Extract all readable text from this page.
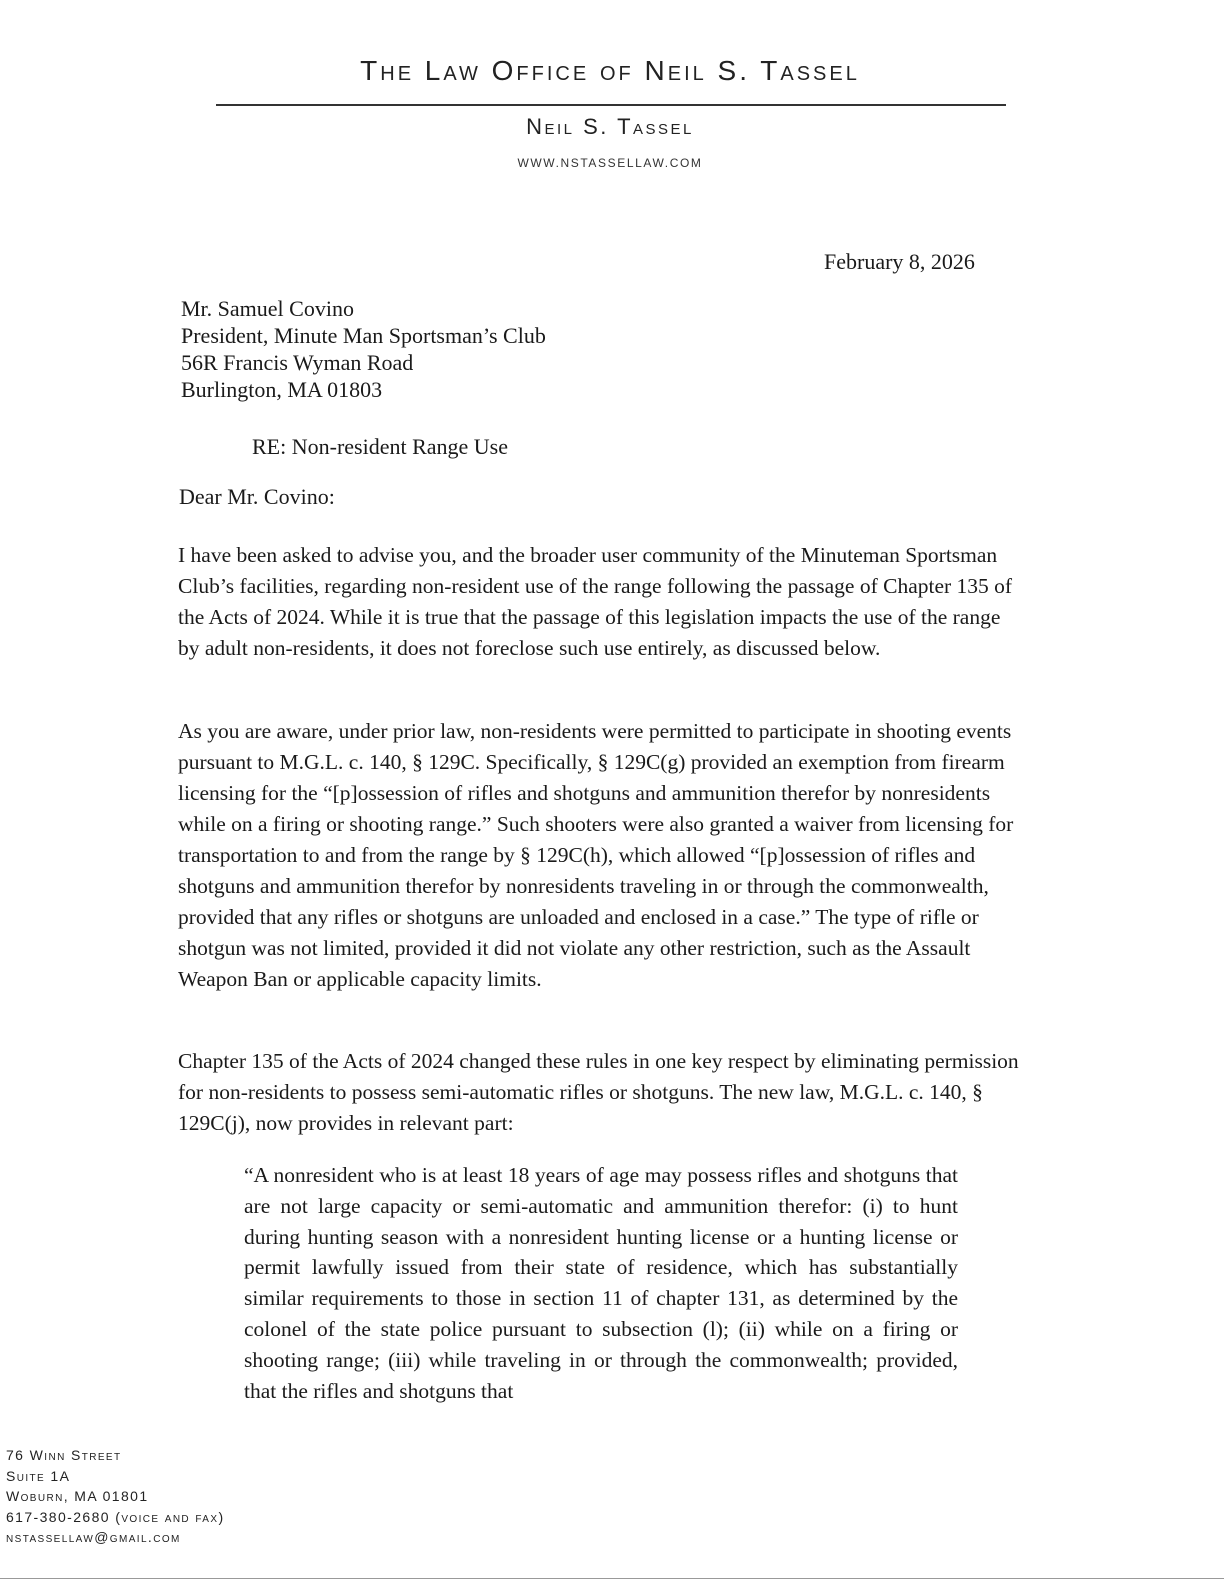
The Law Office of Neil S. Tassel
Neil S. Tassel
WWW.NSTASSELLAW.COM
February 8, 2026
Mr. Samuel Covino
President, Minute Man Sportsman’s Club
56R Francis Wyman Road
Burlington, MA 01803
RE: Non-resident Range Use
Dear Mr. Covino:

I have been asked to advise you, and the broader user community of the Minuteman Sportsman Club’s facilities, regarding non-resident use of the range following the passage of Chapter 135 of the Acts of 2024. While it is true that the passage of this legislation impacts the use of the range by adult non-residents, it does not foreclose such use entirely, as discussed below.

As you are aware, under prior law, non-residents were permitted to participate in shooting events pursuant to M.G.L. c. 140, § 129C. Specifically, § 129C(g) provided an exemption from firearm licensing for the “[p]ossession of rifles and shotguns and ammunition therefor by nonresidents while on a firing or shooting range.” Such shooters were also granted a waiver from licensing for transportation to and from the range by § 129C(h), which allowed “[p]ossession of rifles and shotguns and ammunition therefor by nonresidents traveling in or through the commonwealth, provided that any rifles or shotguns are unloaded and enclosed in a case.” The type of rifle or shotgun was not limited, provided it did not violate any other restriction, such as the Assault Weapon Ban or applicable capacity limits.

Chapter 135 of the Acts of 2024 changed these rules in one key respect by eliminating permission for non-residents to possess semi-automatic rifles or shotguns. The new law, M.G.L. c. 140, § 129C(j), now provides in relevant part:

“A nonresident who is at least 18 years of age may possess rifles and shotguns that are not large capacity or semi-automatic and ammunition therefor: (i) to hunt during hunting season with a nonresident hunting license or a hunting license or permit lawfully issued from their state of residence, which has substantially similar requirements to those in section 11 of chapter 131, as determined by the colonel of the state police pursuant to subsection (l); (ii) while on a firing or shooting range; (iii) while traveling in or through the commonwealth; provided, that the rifles and shotguns that

76 Winn Street
Suite 1A
Woburn, MA 01801
617-380-2680 (voice and fax)
nstassellaw@gmail.com
